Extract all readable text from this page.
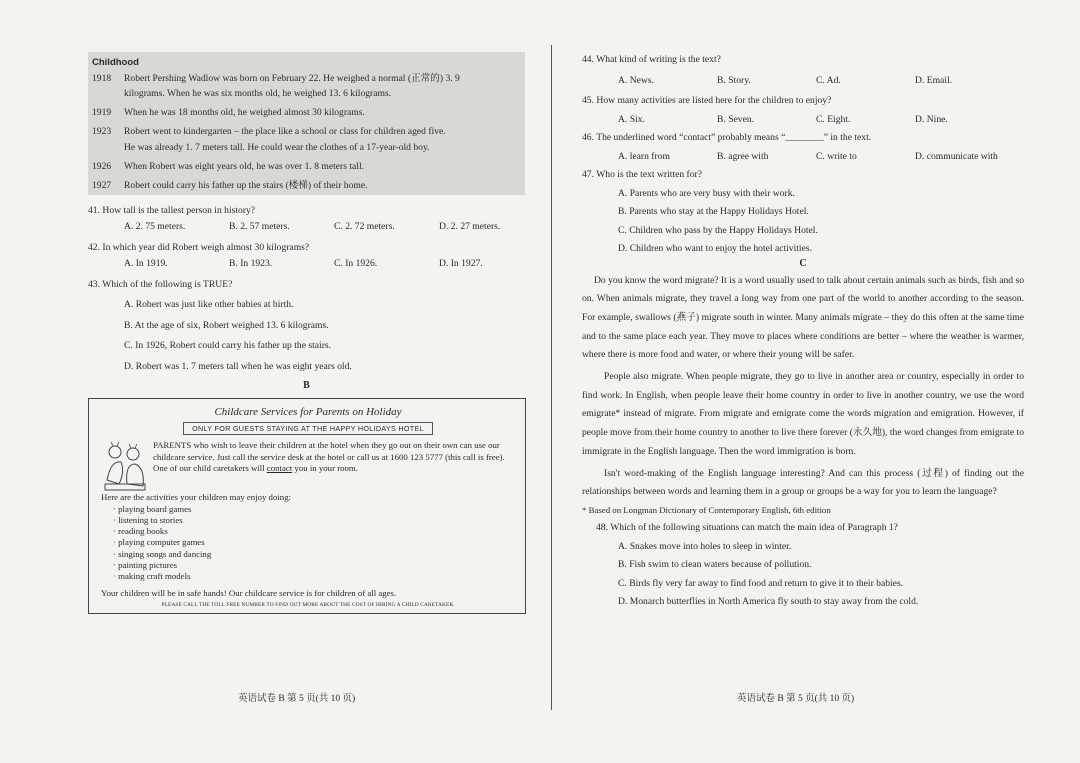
Childhood
1918	Robert Pershing Wadlow was born on February 22. He weighed a normal (正常的) 3. 9
kilograms. When he was six months old, he weighed 13. 6 kilograms.
1919	When he was 18 months old, he weighed almost 30 kilograms.
1923	Robert went to kindergarten – the place like a school or class for children aged five.
He was already 1. 7 meters tall. He could wear the clothes of a 17-year-old boy.
1926	When Robert was eight years old, he was over 1. 8 meters tall.
1927	Robert could carry his father up the stairs (楼梯) of their home.
41. How tall is the tallest person in history?
A. 2. 75 meters.	B. 2. 57 meters.	C. 2. 72 meters.	D. 2. 27 meters.
42. In which year did Robert weigh almost 30 kilograms?
A. In 1919.	B. In 1923.	C. In 1926.	D. In 1927.
43. Which of the following is TRUE?
A. Robert was just like other babies at birth.
B. At the age of six, Robert weighed 13. 6 kilograms.
C. In 1926, Robert could carry his father up the stairs.
D. Robert was 1. 7 meters tall when he was eight years old.
B
Childcare Services for Parents on Holiday
ONLY FOR GUESTS STAYING AT THE HAPPY HOLIDAYS HOTEL
PARENTS who wish to leave their children at the hotel when they go out on their own can use our childcare service. Just call the service desk at the hotel or call us at 1600 123 5777 (this call is free).
One of our child caretakers will contact you in your room.
Here are the activities your children may enjoy doing:
· playing board games
· listening to stories
· reading books
· playing computer games
· singing songs and dancing
· painting pictures
· making craft models
Your children will be in safe hands! Our childcare service is for children of all ages.
PLEASE CALL THE TOLL FREE NUMBER TO FIND OUT MORE ABOUT THE COST OF HIRING A CHILD CARETAKER.
英语试卷 B 第 5 页(共 10 页)
44. What kind of writing is the text?
A. News.	B. Story.	C. Ad.	D. Email.
45. How many activities are listed here for the children to enjoy?
A. Six.	B. Seven.	C. Eight.	D. Nine.
46. The underlined word “contact” probably means “________” in the text.
A. learn from	B. agree with	C. write to	D. communicate with
47. Who is the text written for?
A. Parents who are very busy with their work.
B. Parents who stay at the Happy Holidays Hotel.
C. Children who pass by the Happy Holidays Hotel.
D. Children who want to enjoy the hotel activities.
C

Do you know the word migrate? It is a word usually used to talk about certain animals such as birds, fish and so on. When animals migrate, they travel a long way from one part of the world to another according to the season. For example, swallows (燕子) migrate south in winter. Many animals migrate – they do this often at the same time and to the same place each year. They move to places where conditions are better – where the weather is warmer, where there is more food and water, or where their young will be safer.

People also migrate. When people migrate, they go to live in another area or country, especially in order to find work. In English, when people leave their home country in order to live in another country, we use the word emigrate* instead of migrate. From migrate and emigrate come the words migration and emigration. However, if people move from their home country to another to live there forever (永久地), the word changes from emigrate to immigrate in the English language. Then the word immigration is born.

Isn't word-making of the English language interesting? And can this process (过程) of finding out the relationships between words and learning them in a group or groups be a way for you to learn the language?

* Based on Longman Dictionary of Contemporary English, 6th edition
48. Which of the following situations can match the main idea of Paragraph 1?
A. Snakes move into holes to sleep in winter.
B. Fish swim to clean waters because of pollution.
C. Birds fly very far away to find food and return to give it to their babies.
D. Monarch butterflies in North America fly south to stay away from the cold.
英语试卷 B 第 5 页(共 10 页)
